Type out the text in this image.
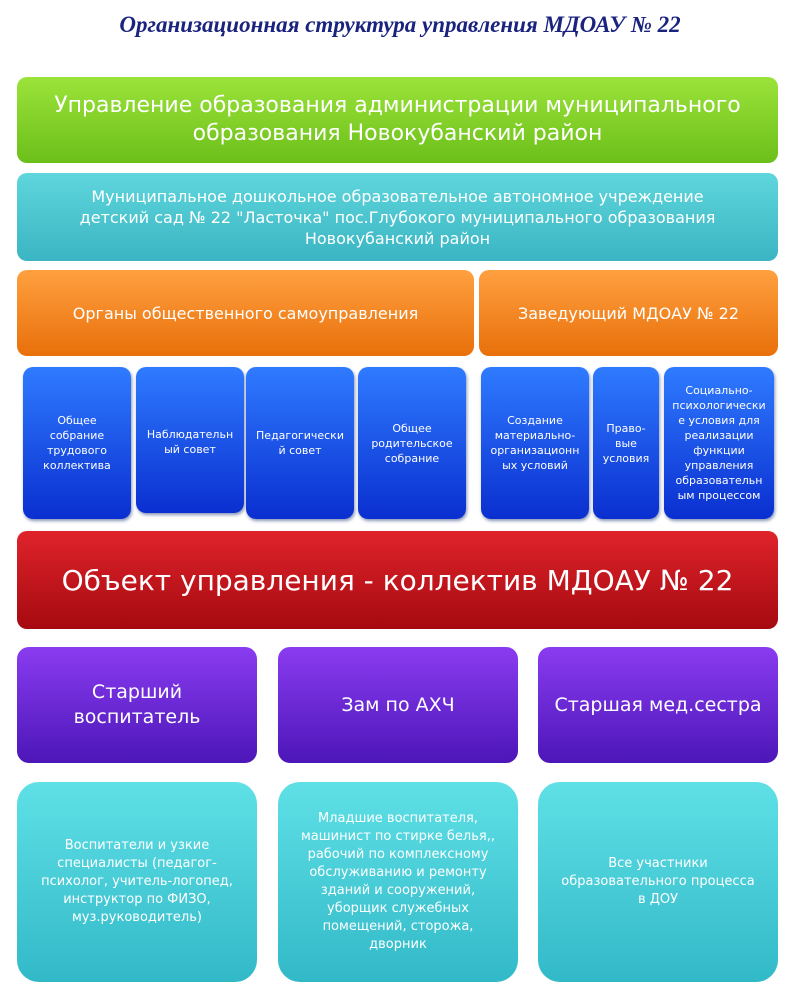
Организационная структура управления МДОАУ № 22
Управление образования администрации муниципального
образования Новокубанский район
Муниципальное дошкольное образовательное автономное учреждение
детский сад № 22 "Ласточка" пос.Глубокого муниципального образования
Новокубанский район
Органы общественного самоуправления	Заведующий МДОАУ № 22
Общее
собрание
трудового
коллектива
Наблюдательн
ый совет
Педагогически
й совет
Общее
родительское
собрание
Создание
материально-
организационн
ых условий
Право-
вые
условия
Социально-
психологически
е условия для
реализации
функции
управления
образовательн
ым процессом
Объект управления - коллектив МДОАУ № 22
Старший
воспитатель
Зам по АХЧ	Старшая мед.сестра
Воспитатели и узкие
специалисты (педагог-
психолог, учитель-логопед,
инструктор по ФИЗО,
муз.руководитель)
Младшие воспитателя,
машинист по стирке белья,,
рабочий по комплексному
обслуживанию и ремонту
зданий и сооружений,
уборщик служебных
помещений, сторожа,
дворник
Все участники
образовательного процесса
в ДОУ
